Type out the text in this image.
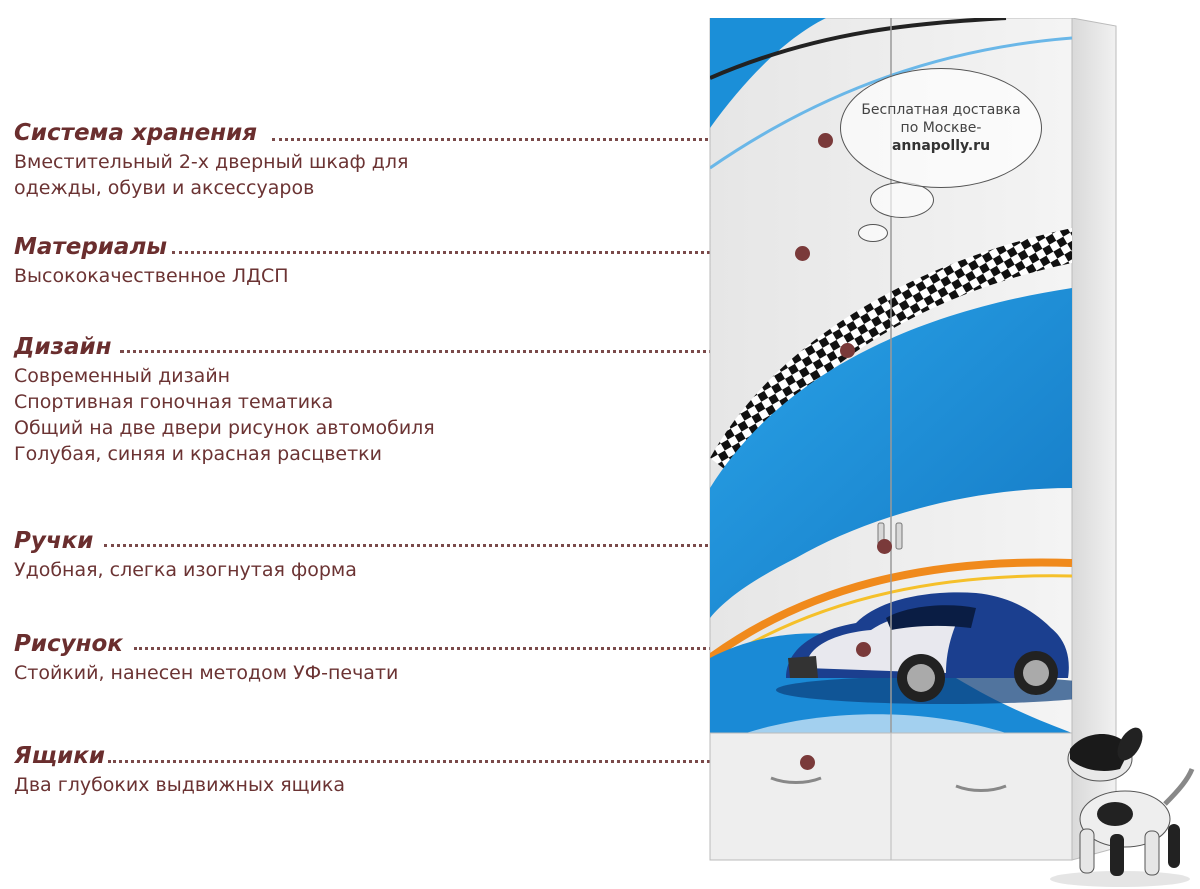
Система хранения
Вместительный 2-х дверный шкаф для
одежды, обуви и аксессуаров
Материалы
Высококачественное ЛДСП
Дизайн
Современный дизайн
Спортивная гоночная тематика
Общий на две двери рисунок автомобиля
Голубая, синяя и красная расцветки
Ручки
Удобная, слегка изогнутая форма
Рисунок
Стойкий, нанесен методом УФ-печати
Ящики
Два глубоких выдвижных ящика
Бесплатная доставка
по Москве-
annapolly.ru
